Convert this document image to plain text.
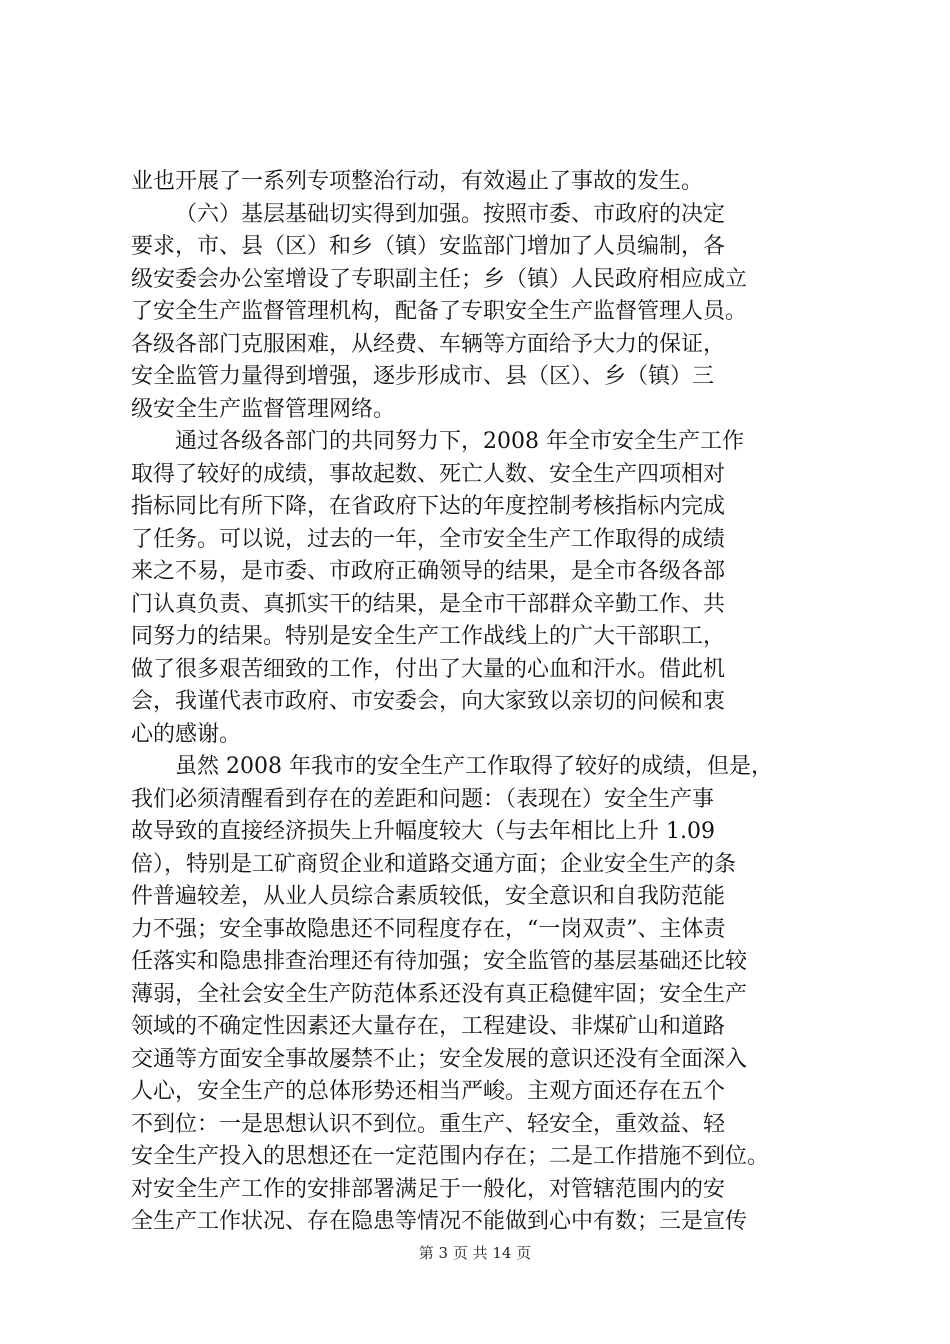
业也开展了一系列专项整治行动，有效遏止了事故的发生。
（六）基层基础切实得到加强。按照市委、市政府的决定
要求，市、县（区）和乡（镇）安监部门增加了人员编制，各
级安委会办公室增设了专职副主任；乡（镇）人民政府相应成立
了安全生产监督管理机构，配备了专职安全生产监督管理人员。
各级各部门克服困难，从经费、车辆等方面给予大力的保证，
安全监管力量得到增强，逐步形成市、县（区）、乡（镇）三
级安全生产监督管理网络。
通过各级各部门的共同努力下，2008 年全市安全生产工作
取得了较好的成绩，事故起数、死亡人数、安全生产四项相对
指标同比有所下降，在省政府下达的年度控制考核指标内完成
了任务。可以说，过去的一年，全市安全生产工作取得的成绩
来之不易，是市委、市政府正确领导的结果，是全市各级各部
门认真负责、真抓实干的结果，是全市干部群众辛勤工作、共
同努力的结果。特别是安全生产工作战线上的广大干部职工，
做了很多艰苦细致的工作，付出了大量的心血和汗水。借此机
会，我谨代表市政府、市安委会，向大家致以亲切的问候和衷
心的感谢。
虽然 2008 年我市的安全生产工作取得了较好的成绩，但是，
我们必须清醒看到存在的差距和问题：（表现在）安全生产事
故导致的直接经济损失上升幅度较大（与去年相比上升 1.09
倍），特别是工矿商贸企业和道路交通方面；企业安全生产的条
件普遍较差，从业人员综合素质较低，安全意识和自我防范能
力不强；安全事故隐患还不同程度存在，“一岗双责”、主体责
任落实和隐患排查治理还有待加强；安全监管的基层基础还比较
薄弱，全社会安全生产防范体系还没有真正稳健牢固；安全生产
领域的不确定性因素还大量存在，工程建设、非煤矿山和道路
交通等方面安全事故屡禁不止；安全发展的意识还没有全面深入
人心，安全生产的总体形势还相当严峻。主观方面还存在五个
不到位：一是思想认识不到位。重生产、轻安全，重效益、轻
安全生产投入的思想还在一定范围内存在；二是工作措施不到位。
对安全生产工作的安排部署满足于一般化，对管辖范围内的安
全生产工作状况、存在隐患等情况不能做到心中有数；三是宣传
第 3 页 共 14 页
